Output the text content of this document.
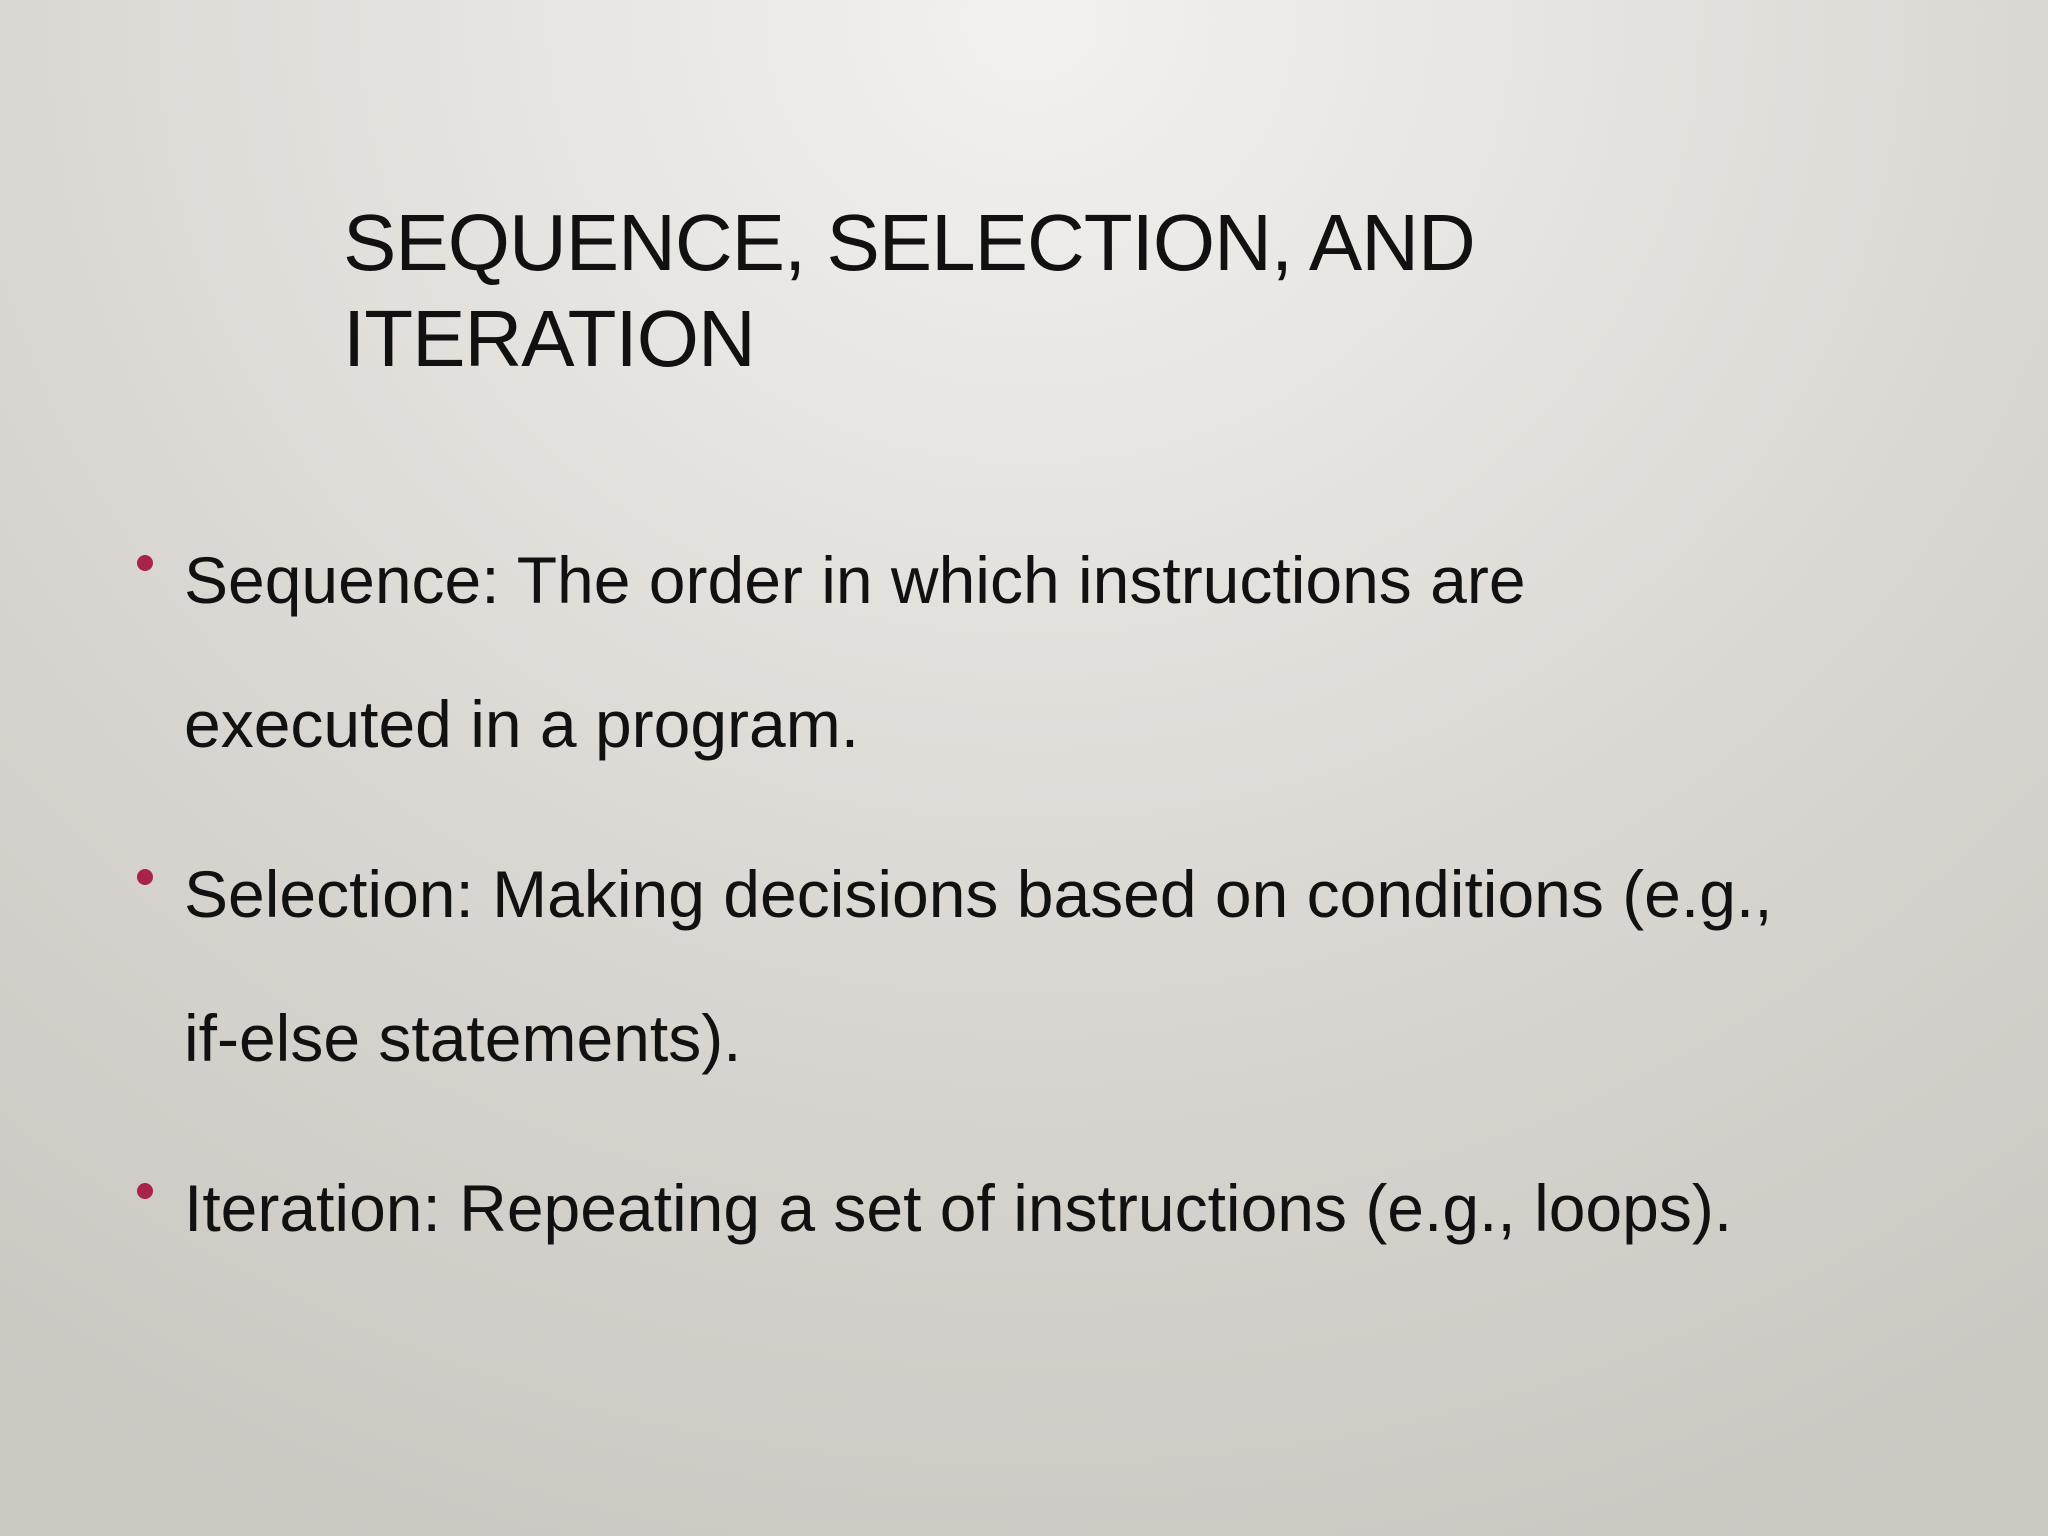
SEQUENCE, SELECTION, AND
ITERATION
Sequence: The order in which instructions are
executed in a program.
Selection: Making decisions based on conditions (e.g.,
if-else statements).
Iteration: Repeating a set of instructions (e.g., loops).
